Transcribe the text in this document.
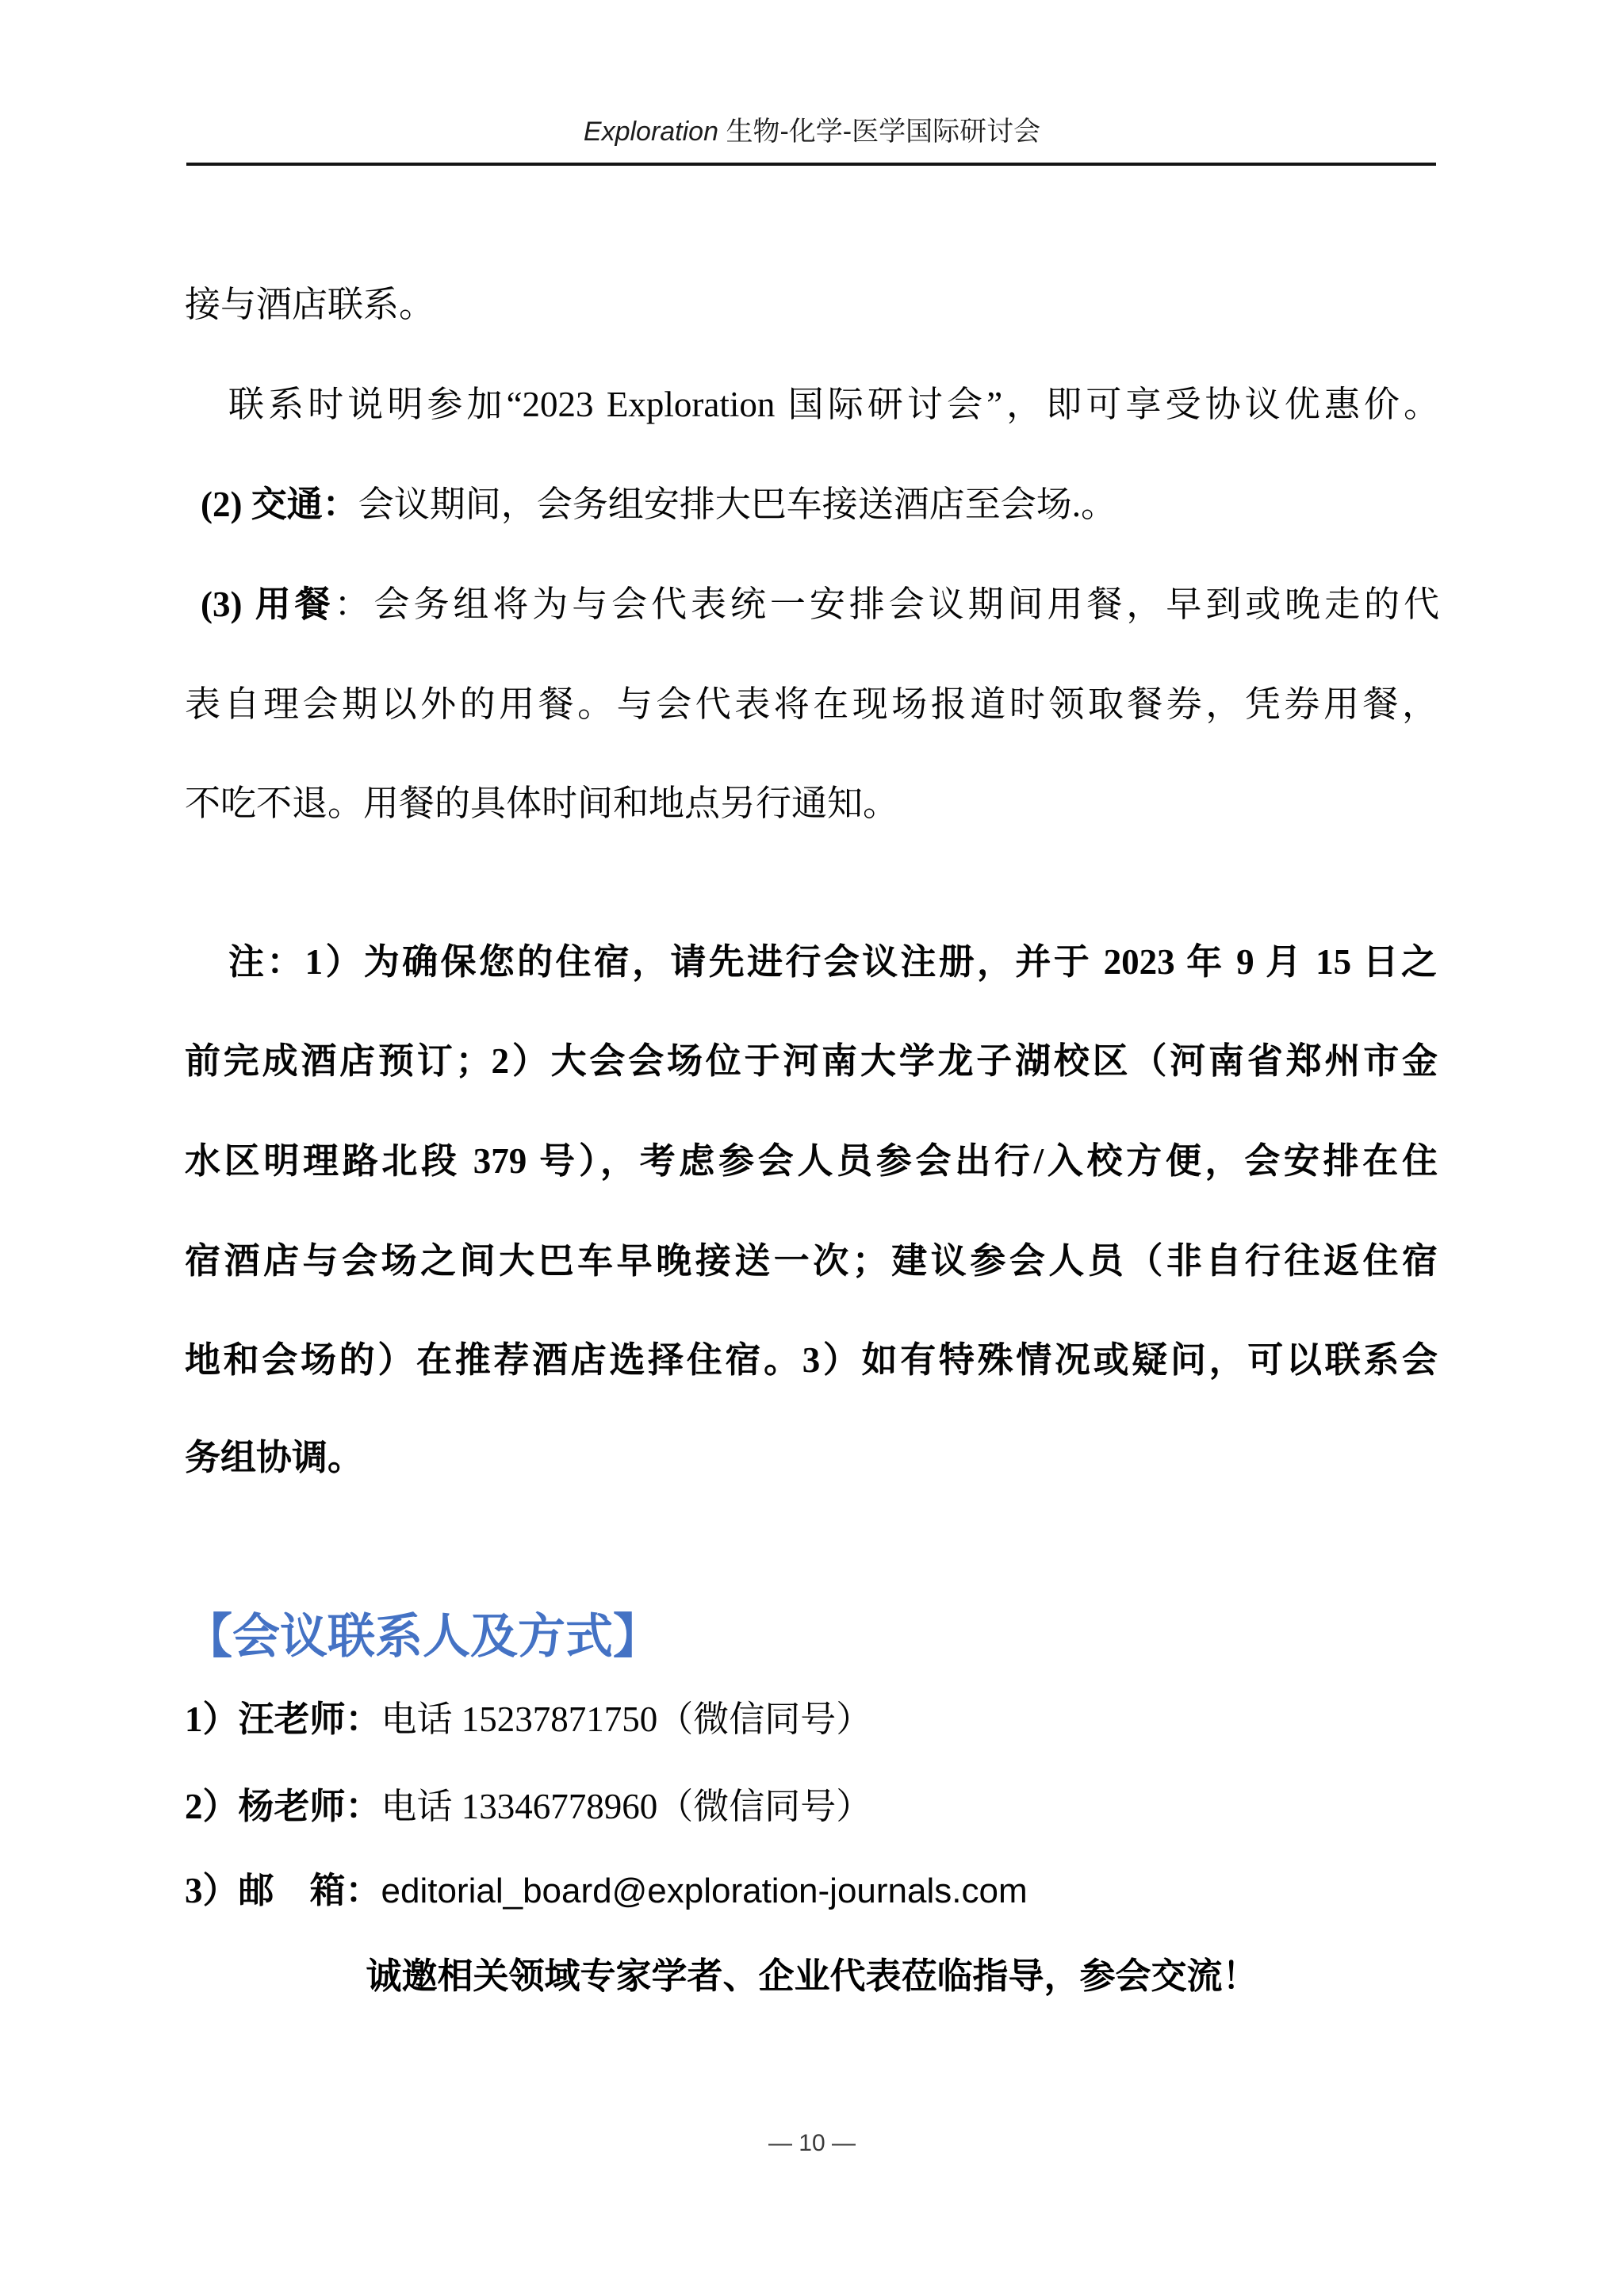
Exploration 生物-化学-医学国际研讨会
接与酒店联系。
联系时说明参加“2023 Exploration 国际研讨会”，即可享受协议优惠价。
(2) 交通：会议期间，会务组安排大巴车接送酒店至会场.。
(3) 用餐：会务组将为与会代表统一安排会议期间用餐，早到或晚走的代
表自理会期以外的用餐。与会代表将在现场报道时领取餐券，凭券用餐，
不吃不退。用餐的具体时间和地点另行通知。
注：1）为确保您的住宿，请先进行会议注册，并于 2023 年 9 月 15 日之
前完成酒店预订；2）大会会场位于河南大学龙子湖校区（河南省郑州市金
水区明理路北段 379 号），考虑参会人员参会出行/入校方便，会安排在住
宿酒店与会场之间大巴车早晚接送一次；建议参会人员（非自行往返住宿
地和会场的）在推荐酒店选择住宿。3）如有特殊情况或疑问，可以联系会
务组协调。
【会议联系人及方式】
1）汪老师：电话 15237871750（微信同号）
2）杨老师：电话 13346778960（微信同号）
3）邮　箱：editorial_board@exploration-journals.com
诚邀相关领域专家学者、企业代表莅临指导，参会交流！
— 10 —
